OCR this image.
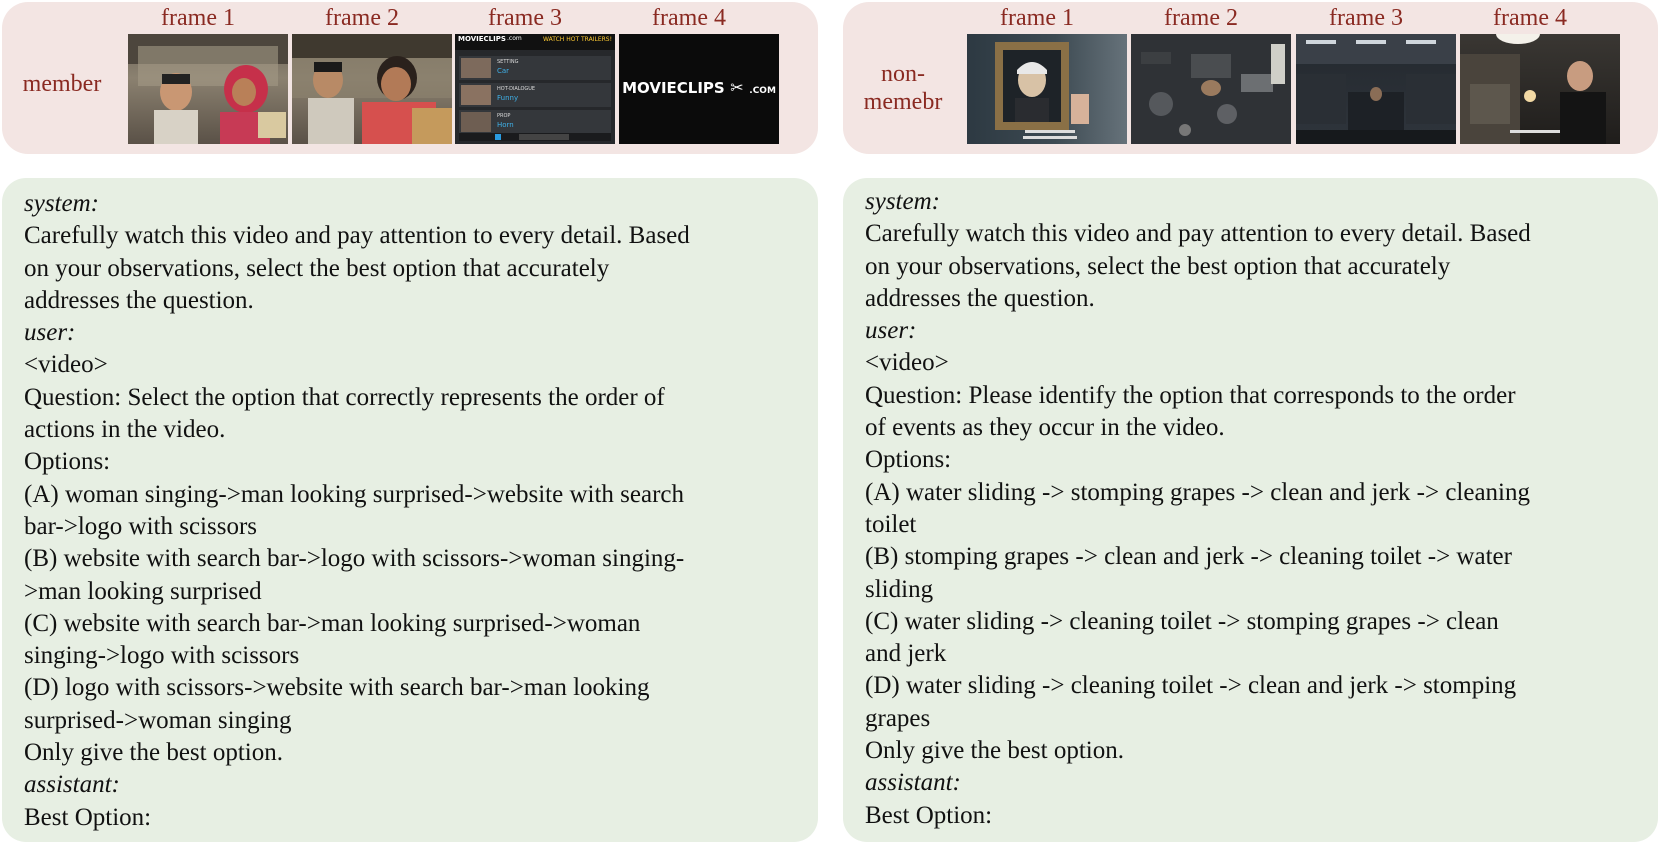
member
frame 1	frame 2	frame 3	frame 4
MOVIECLIPS .com	WATCH HOT TRAILERS!
SETTING
Car
HOT-DIALOGUE
Funny
PROP
Horn
MOVIECLIPS ✂ .COM
non-
memebr
frame 1	frame 2	frame 3	frame 4
system:
Carefully watch this video and pay attention to every detail. Based
on your observations, select the best option that accurately
addresses the question.
user:
<video>
Question: Select the option that correctly represents the order of
actions in the video.
Options:
(A) woman singing->man looking surprised->website with search
bar->logo with scissors
(B) website with search bar->logo with scissors->woman singing-
>man looking surprised
(C) website with search bar->man looking surprised->woman
singing->logo with scissors
(D) logo with scissors->website with search bar->man looking
surprised->woman singing
Only give the best option.
assistant:
Best Option:
system:
Carefully watch this video and pay attention to every detail. Based
on your observations, select the best option that accurately
addresses the question.
user:
<video>
Question: Please identify the option that corresponds to the order
of events as they occur in the video.
Options:
(A) water sliding -> stomping grapes -> clean and jerk -> cleaning
toilet
(B) stomping grapes -> clean and jerk -> cleaning toilet -> water
sliding
(C) water sliding -> cleaning toilet -> stomping grapes -> clean
and jerk
(D) water sliding -> cleaning toilet -> clean and jerk -> stomping
grapes
Only give the best option.
assistant:
Best Option:
